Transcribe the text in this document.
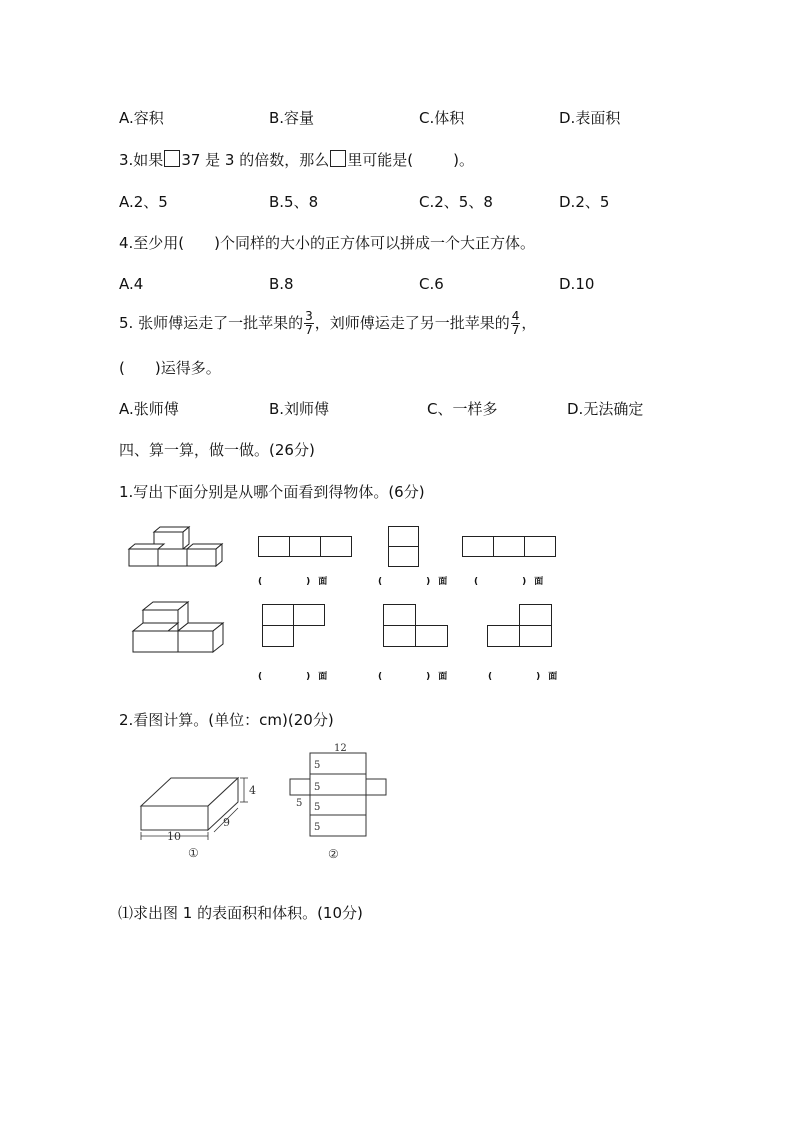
A.容积	B.容量	C.体积	D.表面积
3.如果 37 是 3 的倍数，那么 里可能是(	)。
A.2、5	B.5、8	C.2、5、8	D.2、5
4.至少用(　　)个同样的大小的正方体可以拼成一个大正方体。
A.4	B.8	C.6	D.10
5. 张师傅运走了一批苹果的 $\frac{3}{7}$ ，刘师傅运走了另一批苹果的 $\frac{4}{7}$ ，
(　　)运得多。
A.张师傅	B.刘师傅	C、一样多	D.无法确定
四、算一算，做一做。(26分)
1.写出下面分别是从哪个面看到得物体。(6分)
(	) 面	(	) 面	(	) 面
(	) 面	(	) 面	(	) 面
2.看图计算。(单位：cm)(20分)
4
10
9
①
12
5
5
5
5
5
②
⑴求出图 1 的表面积和体积。(10分)
